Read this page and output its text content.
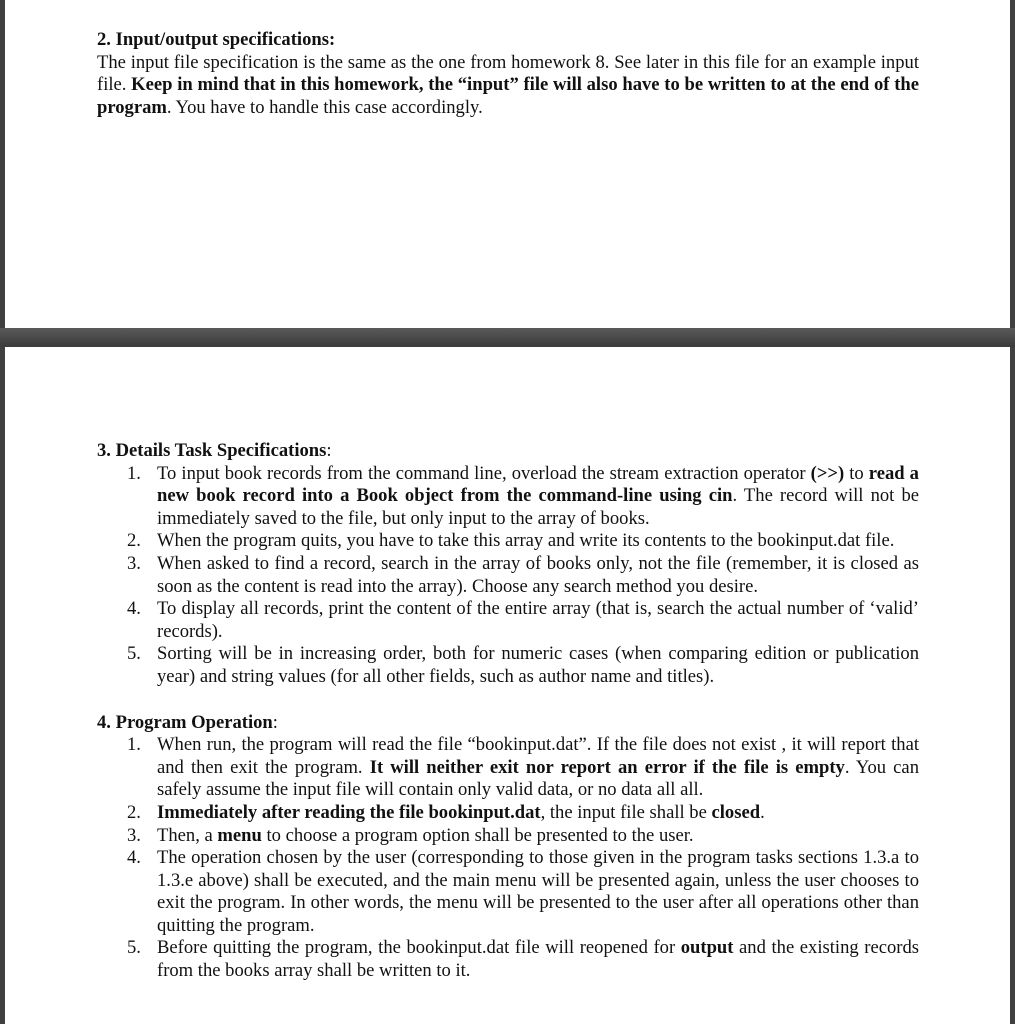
2. Input/output specifications:
The input file specification is the same as the one from homework 8. See later in this file for an example input file. Keep in mind that in this homework, the “input” file will also have to be written to at the end of the program. You have to handle this case accordingly.
3. Details Task Specifications:
1. To input book records from the command line, overload the stream extraction operator (>>) to read a new book record into a Book object from the command-line using cin. The record will not be immediately saved to the file, but only input to the array of books.
2. When the program quits, you have to take this array and write its contents to the bookinput.dat file.
3. When asked to find a record, search in the array of books only, not the file (remember, it is closed as soon as the content is read into the array). Choose any search method you desire.
4. To display all records, print the content of the entire array (that is, search the actual number of ‘valid’ records).
5. Sorting will be in increasing order, both for numeric cases (when comparing edition or publication year) and string values (for all other fields, such as author name and titles).
4. Program Operation:
1. When run, the program will read the file “bookinput.dat”. If the file does not exist , it will report that and then exit the program. It will neither exit nor report an error if the file is empty. You can safely assume the input file will contain only valid data, or no data all all.
2. Immediately after reading the file bookinput.dat, the input file shall be closed.
3. Then, a menu to choose a program option shall be presented to the user.
4. The operation chosen by the user (corresponding to those given in the program tasks sections 1.3.a to 1.3.e above) shall be executed, and the main menu will be presented again, unless the user chooses to exit the program. In other words, the menu will be presented to the user after all operations other than quitting the program.
5. Before quitting the program, the bookinput.dat file will reopened for output and the existing records from the books array shall be written to it.
